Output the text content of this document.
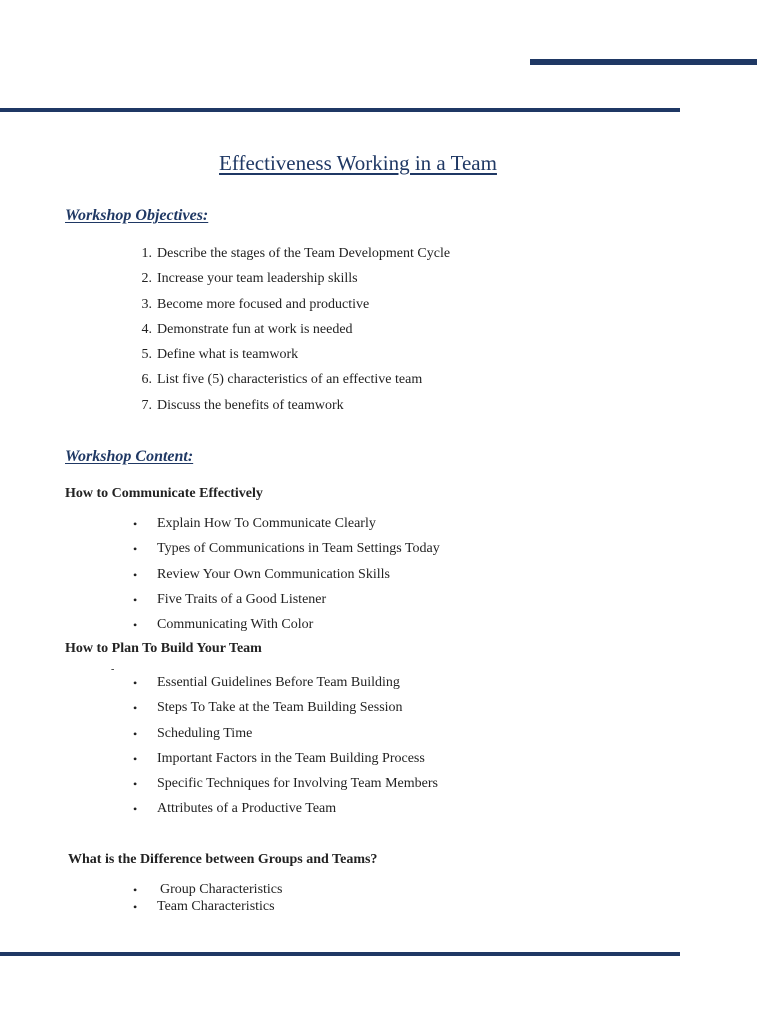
Effectiveness Working in a Team
Workshop Objectives:
1. Describe the stages of the Team Development Cycle
2. Increase your team leadership skills
3. Become more focused and productive
4. Demonstrate fun at work is needed
5. Define what is teamwork
6. List five (5) characteristics of an effective team
7. Discuss the benefits of teamwork
Workshop Content:
How to Communicate Effectively
• Explain How To Communicate Clearly
• Types of Communications in Team Settings Today
• Review Your Own Communication Skills
• Five Traits of a Good Listener
• Communicating With Color
How to Plan To Build Your Team
-
• Essential Guidelines Before Team Building
• Steps To Take at the Team Building Session
• Scheduling Time
• Important Factors in the Team Building Process
• Specific Techniques for Involving Team Members
• Attributes of a Productive Team
What is the Difference between Groups and Teams?
• Group Characteristics
• Team Characteristics
